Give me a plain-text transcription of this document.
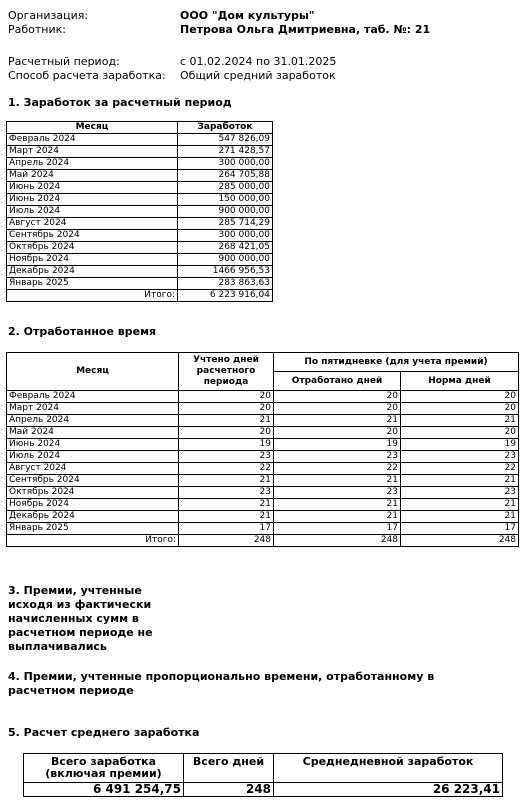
Организация:	ООО "Дом культуры"
Работник:	Петрова Ольга Дмитриевна, таб. №: 21
Расчетный период:	с 01.02.2024 по 31.01.2025
Способ расчета заработка: Общий средний заработок
1. Заработок за расчетный период
Месяц	Заработок
Февраль 2024	547 826,09
Март 2024	271 428,57
Апрель 2024	300 000,00
Май 2024	264 705,88
Июнь 2024	285 000,00
Июнь 2024	150 000,00
Июль 2024	900 000,00
Август 2024	285 714,29
Сентябрь 2024	300 000,00
Октябрь 2024	268 421,05
Ноябрь 2024	900 000,00
Декабрь 2024	1466 956,53
Январь 2025	283 863,63
Итого:	6 223 916,04
2. Отработанное время
Месяц	Учтено дней расчетного периода	По пятидневке (для учета премий)	
		Отработано дней	Норма дней
Февраль 2024	20	20	20
Март 2024	20	20	20
Апрель 2024	21	21	21
Май 2024	20	20	20
Июнь 2024	19	19	19
Июль 2024	23	23	23
Август 2024	22	22	22
Сентябрь 2024	21	21	21
Октябрь 2024	23	23	23
Ноябрь 2024	21	21	21
Декабрь 2024	21	21	21
Январь 2025	17	17	17
Итого:	248	248	248
3. Премии, учтенные
исходя из фактически
начисленных сумм в
расчетном периоде не
выплачивались
4. Премии, учтенные пропорционально времени, отработанному в
расчетном периоде
5. Расчет среднего заработка
Всего заработка
(включая премии)	Всего дней	Среднедневной заработок
6 491 254,75	248	26 223,41
